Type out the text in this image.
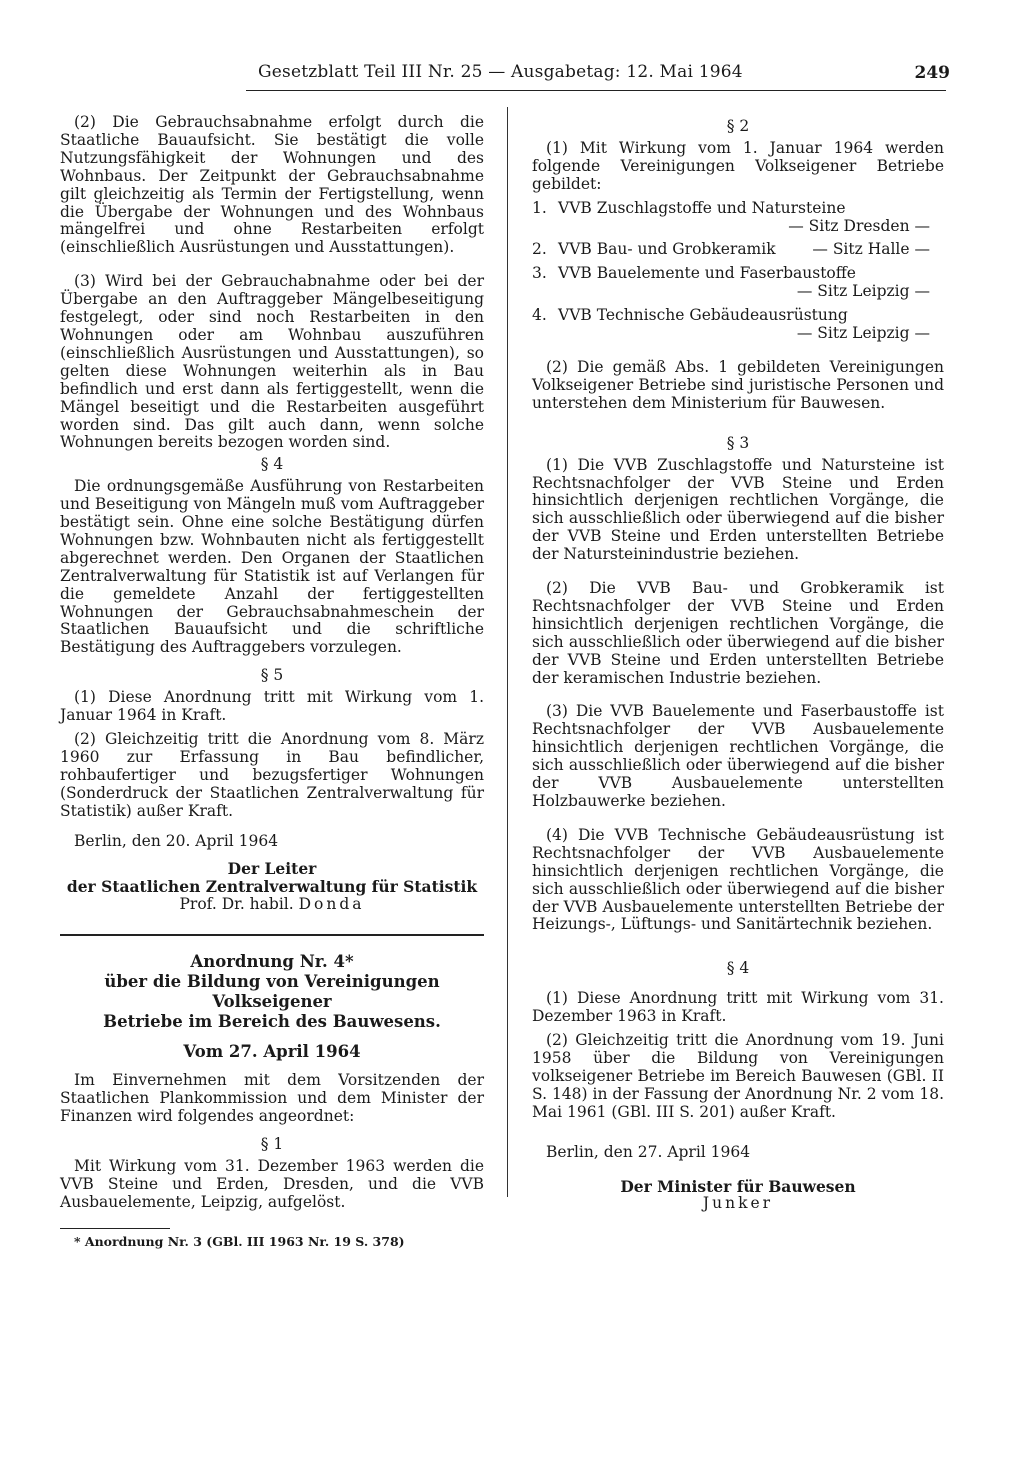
Gesetzblatt Teil III Nr. 25 — Ausgabetag: 12. Mai 1964	249

(2) Die Gebrauchsabnahme erfolgt durch die Staatliche Bauaufsicht. Sie bestätigt die volle Nutzungsfähigkeit der Wohnungen und des Wohnbaus. Der Zeitpunkt der Gebrauchsabnahme gilt gleichzeitig als Termin der Fertigstellung, wenn die Übergabe der Wohnungen und des Wohnbaus mängelfrei und ohne Restarbeiten erfolgt (einschließlich Ausrüstungen und Ausstattungen).

(3) Wird bei der Gebrauchabnahme oder bei der Übergabe an den Auftraggeber Mängelbeseitigung festgelegt, oder sind noch Restarbeiten in den Wohnungen oder am Wohnbau auszuführen (einschließlich Ausrüstungen und Ausstattungen), so gelten diese Wohnungen weiterhin als in Bau befindlich und erst dann als fertiggestellt, wenn die Mängel beseitigt und die Restarbeiten ausgeführt worden sind. Das gilt auch dann, wenn solche Wohnungen bereits bezogen worden sind.

§ 4

Die ordnungsgemäße Ausführung von Restarbeiten und Beseitigung von Mängeln muß vom Auftraggeber bestätigt sein. Ohne eine solche Bestätigung dürfen Wohnungen bzw. Wohnbauten nicht als fertiggestellt abgerechnet werden. Den Organen der Staatlichen Zentralverwaltung für Statistik ist auf Verlangen für die gemeldete Anzahl der fertiggestellten Wohnungen der Gebrauchsabnahmeschein der Staatlichen Bauaufsicht und die schriftliche Bestätigung des Auftraggebers vorzulegen.

§ 5

(1) Diese Anordnung tritt mit Wirkung vom 1. Januar 1964 in Kraft.

(2) Gleichzeitig tritt die Anordnung vom 8. März 1960 zur Erfassung in Bau befindlicher, rohbaufertiger und bezugsfertiger Wohnungen (Sonderdruck der Staatlichen Zentralverwaltung für Statistik) außer Kraft.

Berlin, den 20. April 1964

Der Leiter

der Staatlichen Zentralverwaltung für Statistik

Prof. Dr. habil. Donda

Anordnung Nr. 4*

über die Bildung von Vereinigungen Volkseigener

Betriebe im Bereich des Bauwesens.

Vom 27. April 1964

Im Einvernehmen mit dem Vorsitzenden der Staatlichen Plankommission und dem Minister der Finanzen wird folgendes angeordnet:

§ 1

Mit Wirkung vom 31. Dezember 1963 werden die VVB Steine und Erden, Dresden, und die VVB Ausbauelemente, Leipzig, aufgelöst.

* Anordnung Nr. 3 (GBl. III 1963 Nr. 19 S. 378)

§ 2

(1) Mit Wirkung vom 1. Januar 1964 werden folgende Vereinigungen Volkseigener Betriebe gebildet:

1. VVB Zuschlagstoffe und Natursteine

— Sitz Dresden —

2. VVB Bau- und Grobkeramik — Sitz Halle —
3. VVB Bauelemente und Faserbaustoffe

— Sitz Leipzig —

4. VVB Technische Gebäudeausrüstung

— Sitz Leipzig —

(2) Die gemäß Abs. 1 gebildeten Vereinigungen Volkseigener Betriebe sind juristische Personen und unterstehen dem Ministerium für Bauwesen.

§ 3

(1) Die VVB Zuschlagstoffe und Natursteine ist Rechtsnachfolger der VVB Steine und Erden hinsichtlich derjenigen rechtlichen Vorgänge, die sich ausschließlich oder überwiegend auf die bisher der VVB Steine und Erden unterstellten Betriebe der Natursteinindustrie beziehen.

(2) Die VVB Bau- und Grobkeramik ist Rechtsnachfolger der VVB Steine und Erden hinsichtlich derjenigen rechtlichen Vorgänge, die sich ausschließlich oder überwiegend auf die bisher der VVB Steine und Erden unterstellten Betriebe der keramischen Industrie beziehen.

(3) Die VVB Bauelemente und Faserbaustoffe ist Rechtsnachfolger der VVB Ausbauelemente hinsichtlich derjenigen rechtlichen Vorgänge, die sich ausschließlich oder überwiegend auf die bisher der VVB Ausbauelemente unterstellten Holzbauwerke beziehen.

(4) Die VVB Technische Gebäudeausrüstung ist Rechtsnachfolger der VVB Ausbauelemente hinsichtlich derjenigen rechtlichen Vorgänge, die sich ausschließlich oder überwiegend auf die bisher der VVB Ausbauelemente unterstellten Betriebe der Heizungs-, Lüftungs- und Sanitärtechnik beziehen.

§ 4

(1) Diese Anordnung tritt mit Wirkung vom 31. Dezember 1963 in Kraft.

(2) Gleichzeitig tritt die Anordnung vom 19. Juni 1958 über die Bildung von Vereinigungen volkseigener Betriebe im Bereich Bauwesen (GBl. II S. 148) in der Fassung der Anordnung Nr. 2 vom 18. Mai 1961 (GBl. III S. 201) außer Kraft.

Berlin, den 27. April 1964

Der Minister für Bauwesen

Junker
